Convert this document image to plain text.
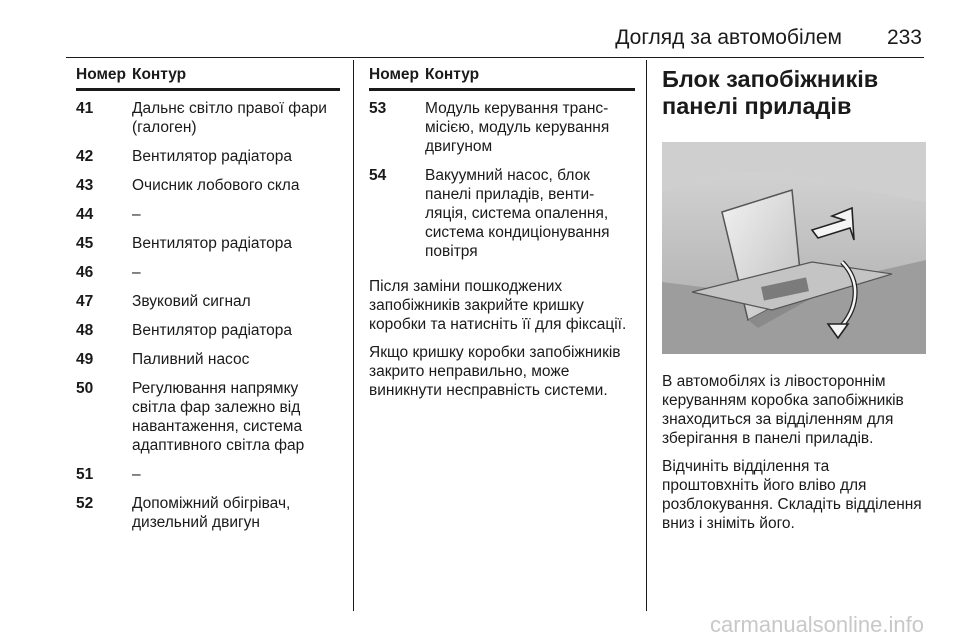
Догляд за автомобілем 233
Номер Контур
41	Дальнє світло правої фари (галоген)
42	Вентилятор радіатора
43	Очисник лобового скла
44	–
45	Вентилятор радіатора
46	–
47	Звуковий сигнал
48	Вентилятор радіатора
49	Паливний насос
50	Регулювання напрямку світла фар залежно від навантаження, система адаптивного світла фар
51	–
52	Допоміжний обігрівач, дизельний двигун
Номер Контур
53	Модуль керування транс-місією, модуль керування двигуном
54	Вакуумний насос, блок панелі приладів, венти-ляція, система опалення, система кондиціонування повітря

Після заміни пошкоджених запобіжників закрийте кришку коробки та натисніть її для фіксації.

Якщо кришку коробки запобіжників закрито неправильно, може виникнути несправність системи.

Блок запобіжників панелі приладів

В автомобілях із лівостороннім керуванням коробка запобіжників знаходиться за відділенням для зберігання в панелі приладів.

Відчиніть відділення та проштовхніть його вліво для розблокування. Складіть відділення вниз і зніміть його.

carmanualsonline.info
